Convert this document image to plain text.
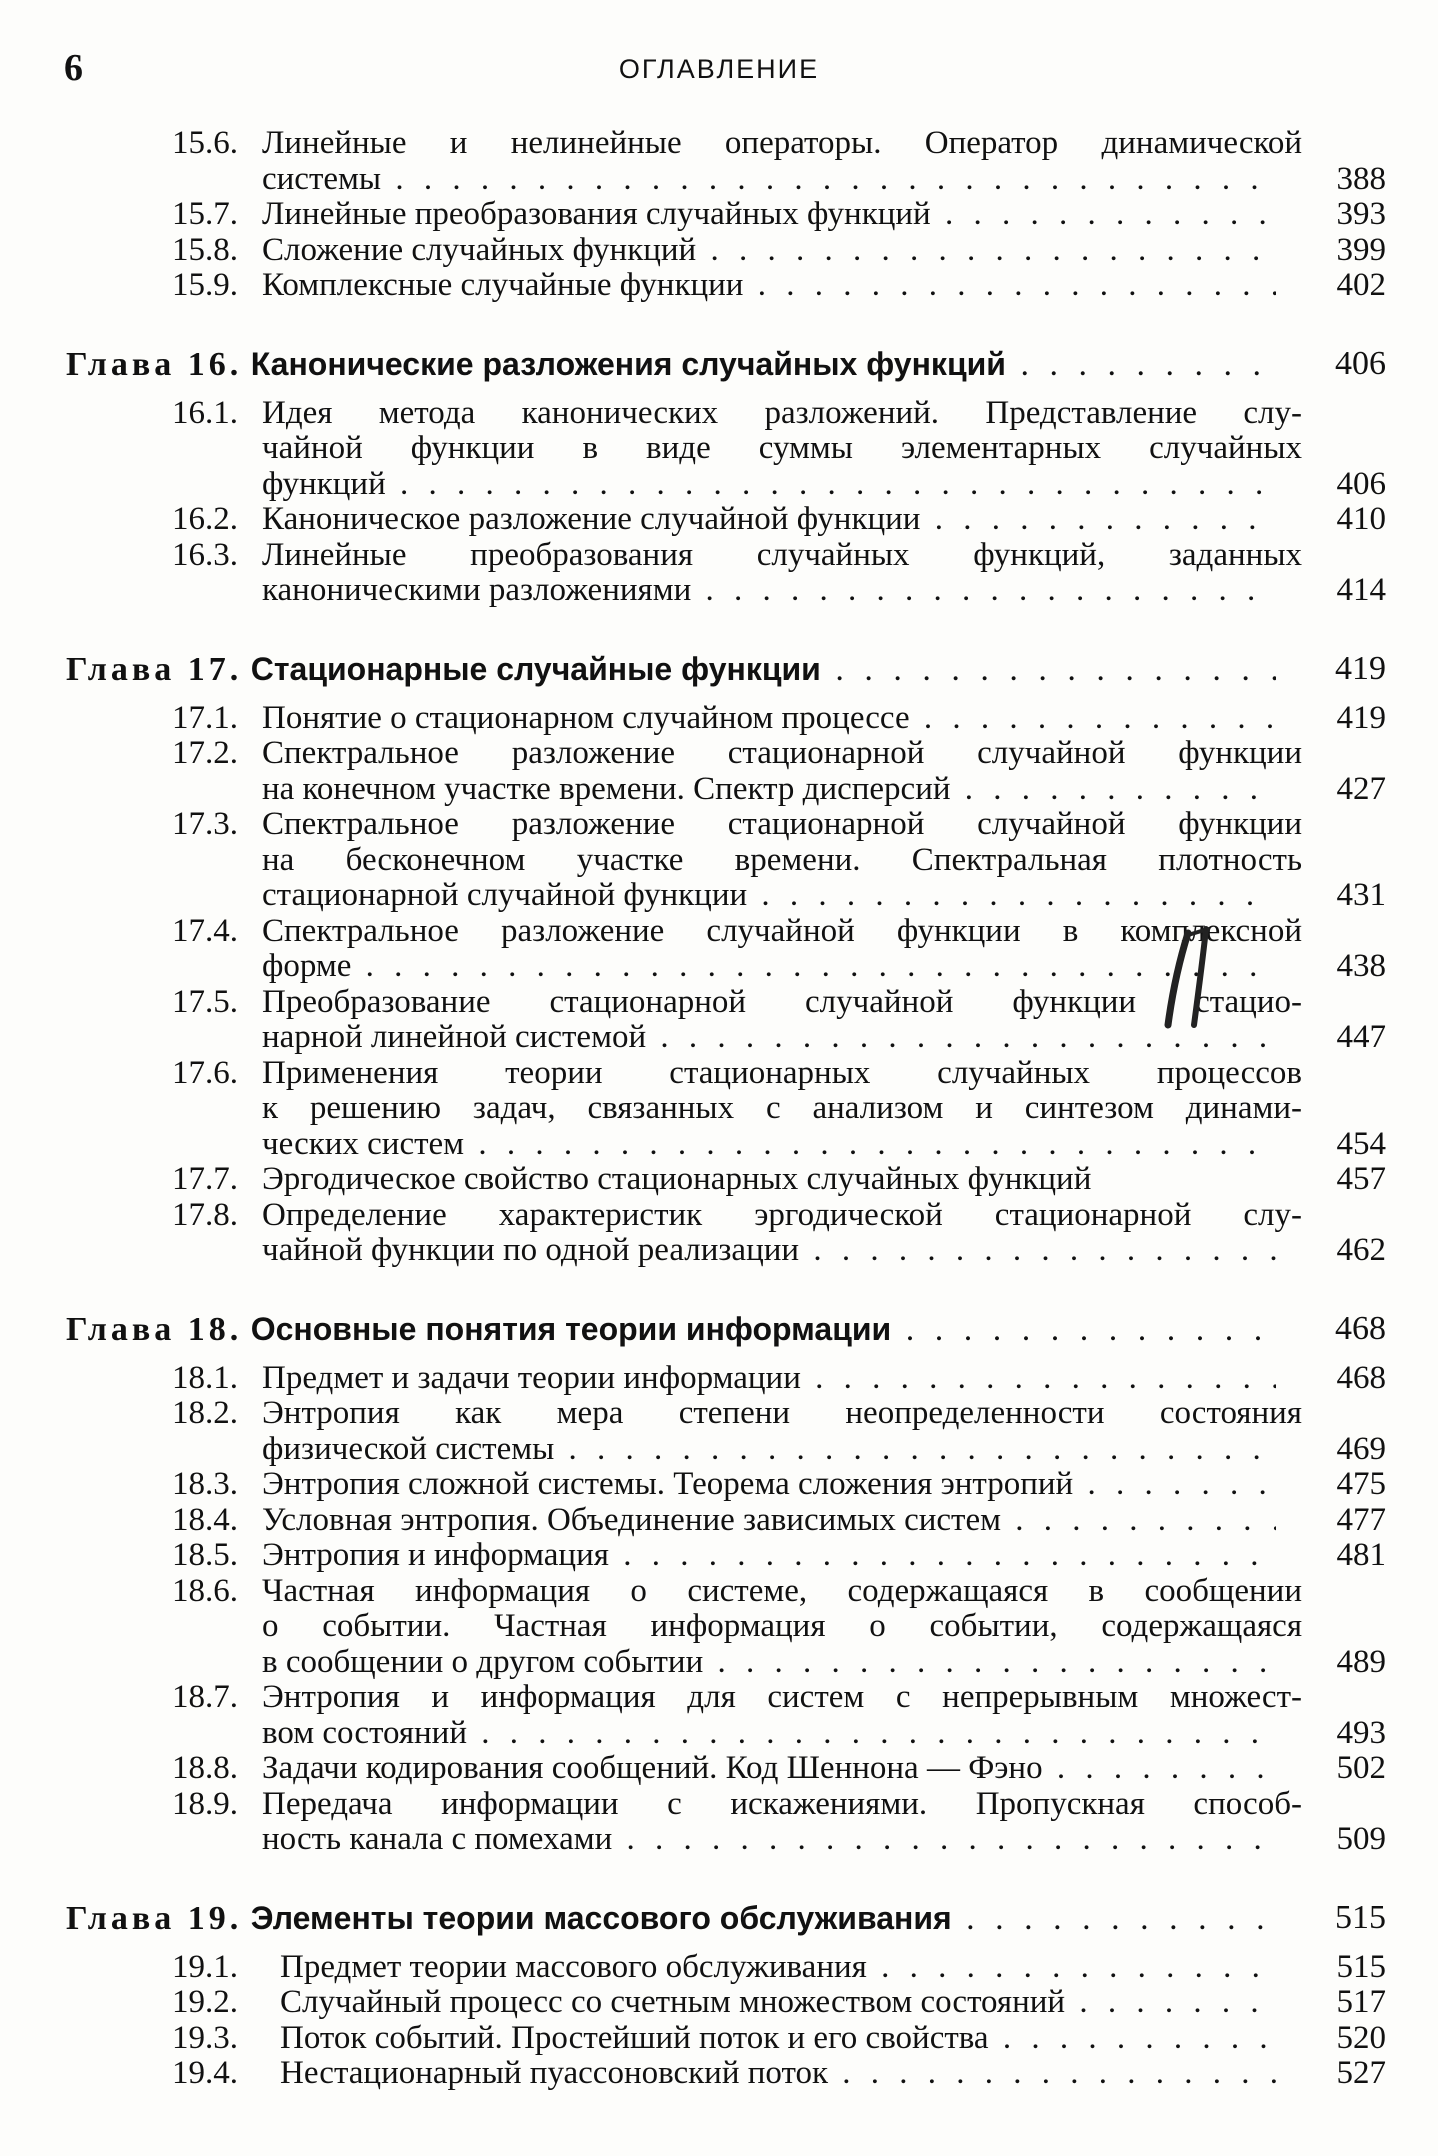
6	ОГЛАВЛЕНИЕ
15.6. Линейные и нелинейные операторы. Оператор динамической
системы . . .	388
15.7. Линейные преобразования случайных функций . . .	393
15.8. Сложение случайных функций . . .	399
15.9. Комплексные случайные функции . . .	402
Глава 16. Канонические разложения случайных функций . . .	406
16.1. Идея метода канонических разложений. Представление слу-
чайной функции в виде суммы элементарных случайных
функций . . .	406
16.2. Каноническое разложение случайной функции . . .	410
16.3. Линейные преобразования случайных функций, заданных
каноническими разложениями . . .	414
Глава 17. Стационарные случайные функции . . .	419
17.1. Понятие о стационарном случайном процессе . . .	419
17.2. Спектральное разложение стационарной случайной функции
на конечном участке времени. Спектр дисперсий . . .	427
17.3. Спектральное разложение стационарной случайной функции
на бесконечном участке времени. Спектральная плотность
стационарной случайной функции . . .	431
17.4. Спектральное разложение случайной функции в комплексной
форме . . .	438
17.5. Преобразование стационарной случайной функции стацио-
нарной линейной системой . . .	447
17.6. Применения теории стационарных случайных процессов
к решению задач, связанных с анализом и синтезом динами-
ческих систем . . .	454
17.7. Эргодическое свойство стационарных случайных функций	457
17.8. Определение характеристик эргодической стационарной слу-
чайной функции по одной реализации . . .	462
Глава 18. Основные понятия теории информации . . .	468
18.1. Предмет и задачи теории информации . . .	468
18.2. Энтропия как мера степени неопределенности состояния
физической системы . . .	469
18.3. Энтропия сложной системы. Теорема сложения энтропий . . .	475
18.4. Условная энтропия. Объединение зависимых систем . . .	477
18.5. Энтропия и информация . . .	481
18.6. Частная информация о системе, содержащаяся в сообщении
о событии. Частная информация о событии, содержащаяся
в сообщении о другом событии . . .	489
18.7. Энтропия и информация для систем с непрерывным множест-
вом состояний . . .	493
18.8. Задачи кодирования сообщений. Код Шеннона — Фэно . . .	502
18.9. Передача информации с искажениями. Пропускная способ-
ность канала с помехами . . .	509
Глава 19. Элементы теории массового обслуживания . . .	515
19.1.	Предмет теории массового обслуживания . . .	515
19.2.	Случайный процесс со счетным множеством состояний . . .	517
19.3.	Поток событий. Простейший поток и его свойства . . .	520
19.4.	Нестационарный пуассоновский поток . . .	527
